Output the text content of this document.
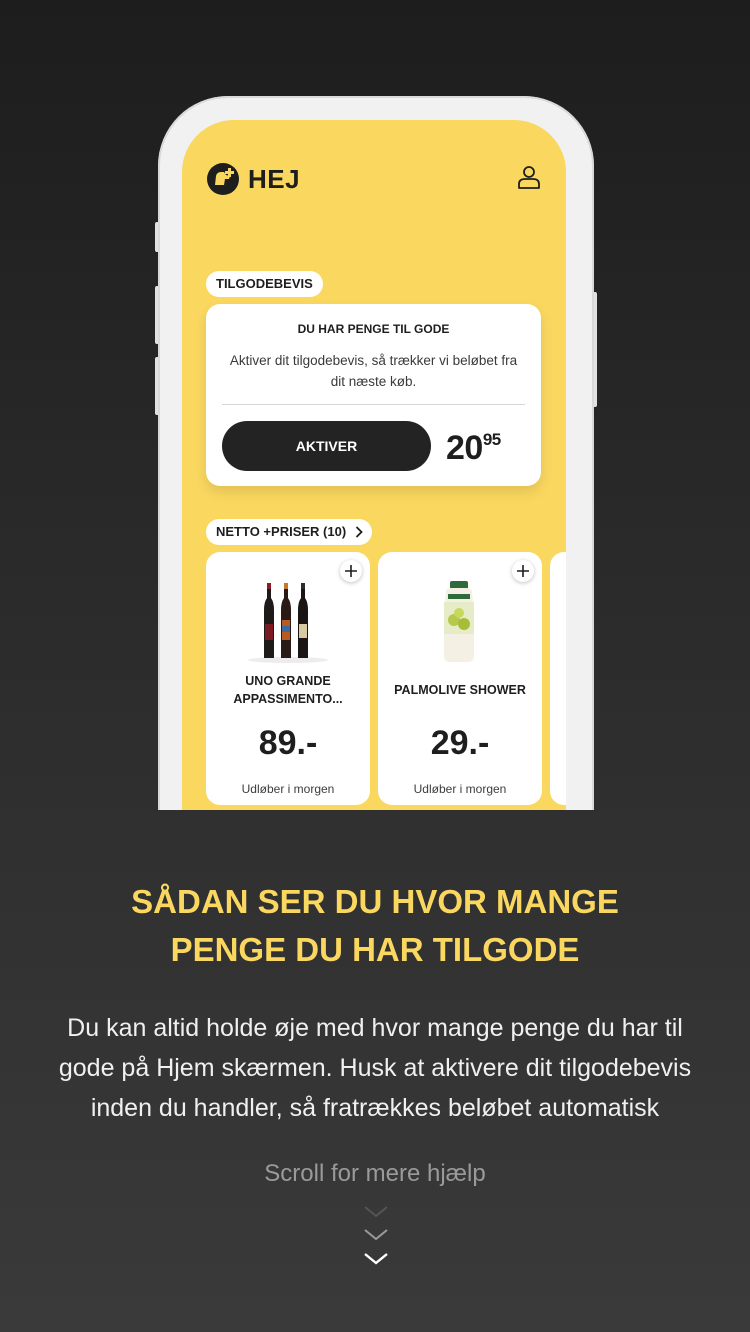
HEJ
TILGODEBEVIS
DU HAR PENGE TIL GODE
Aktiver dit tilgodebevis, så trækker vi beløbet fra dit næste køb.
AKTIVER	$20^{95}$
NETTO +PRISER (10)
UNO GRANDE APPASSIMENTO...
89.-
Udløber i morgen
PALMOLIVE SHOWER
29.-
Udløber i morgen
SÅDAN SER DU HVOR MANGE
PENGE DU HAR TILGODE
Du kan altid holde øje med hvor mange penge du har til gode på Hjem skærmen. Husk at aktivere dit tilgodebevis inden du handler, så fratrækkes beløbet automatisk
Scroll for mere hjælp
